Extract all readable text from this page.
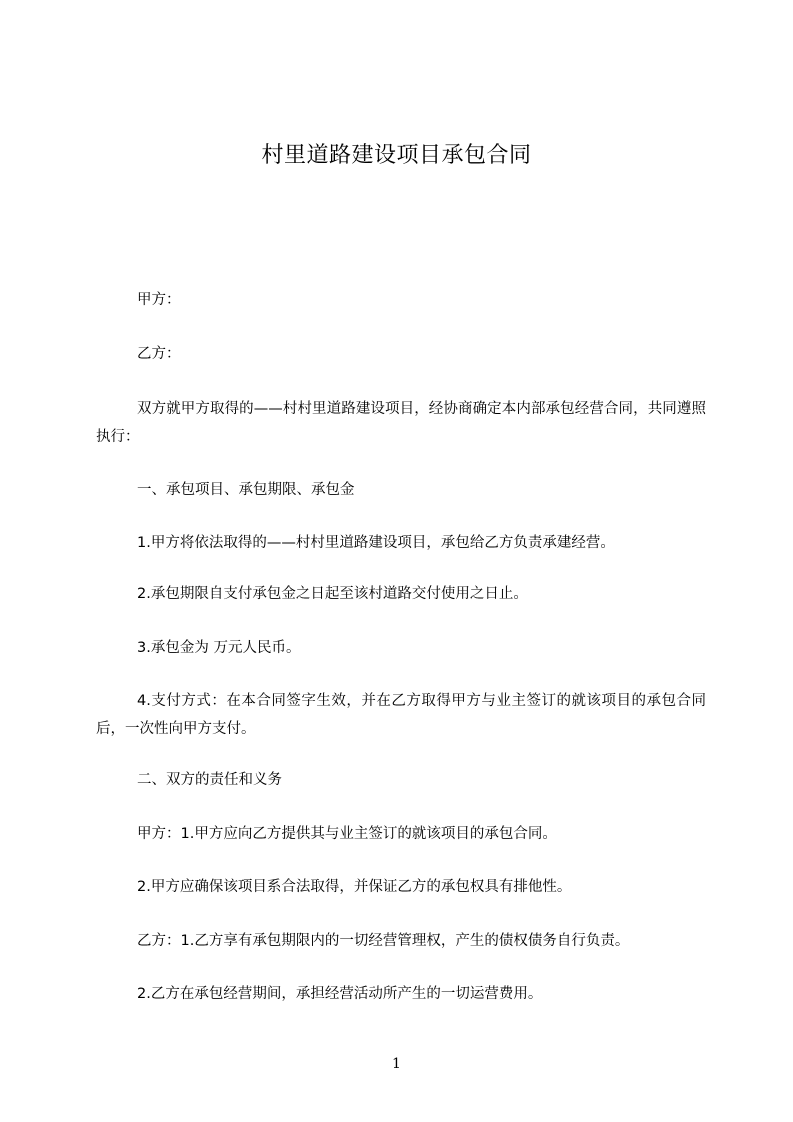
村里道路建设项目承包合同
甲方：
乙方：
双方就甲方取得的——村村里道路建设项目，经协商确定本内部承包经营合同，共同遵照执行：
一、承包项目、承包期限、承包金
1.甲方将依法取得的——村村里道路建设项目，承包给乙方负责承建经营。
2.承包期限自支付承包金之日起至该村道路交付使用之日止。
3.承包金为 万元人民币。
4.支付方式：在本合同签字生效，并在乙方取得甲方与业主签订的就该项目的承包合同后，一次性向甲方支付。
二、双方的责任和义务
甲方：1.甲方应向乙方提供其与业主签订的就该项目的承包合同。
2.甲方应确保该项目系合法取得，并保证乙方的承包权具有排他性。
乙方：1.乙方享有承包期限内的一切经营管理权，产生的债权债务自行负责。
2.乙方在承包经营期间，承担经营活动所产生的一切运营费用。
1
